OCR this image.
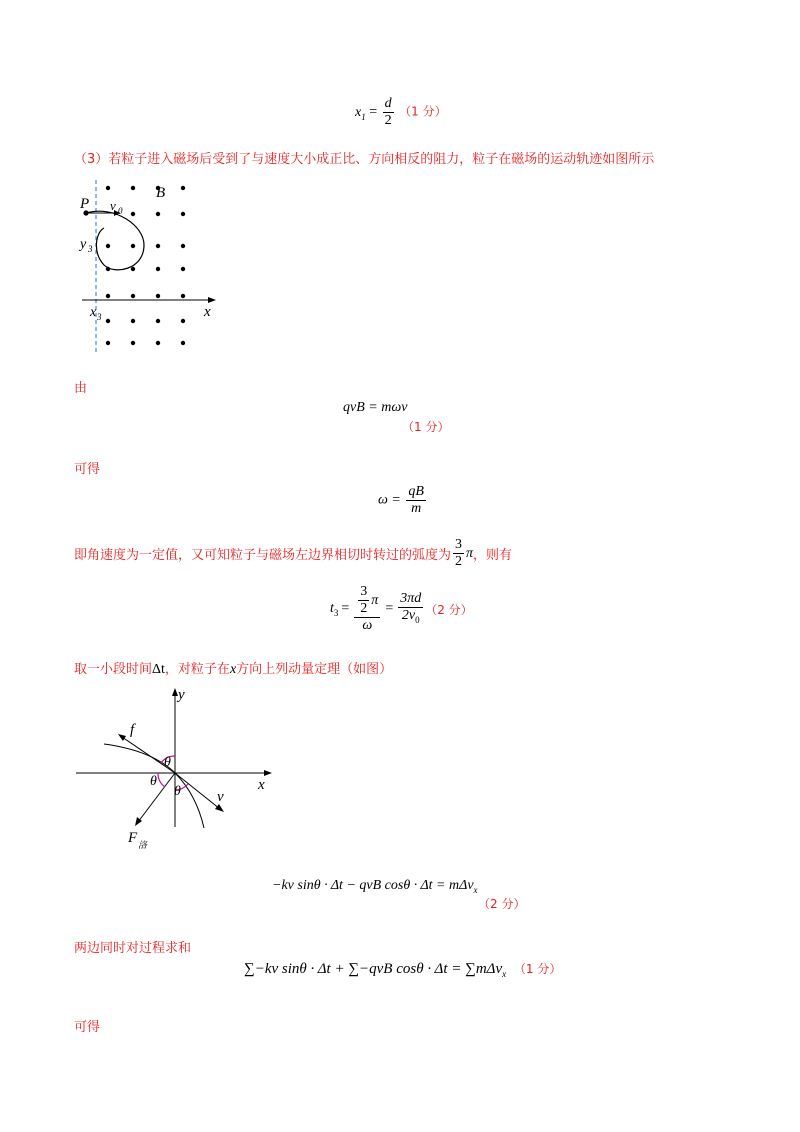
$x_1 = \frac{d}{2} (1$ 分）
（3）若粒子进入磁场后受到了与速度大小成正比、方向相反的阻力，粒子在磁场的运动轨迹如图所示
P v 0
B
y 3
x
x 3
由
qvB = mωv
（1 分）
可得
$\omega = \frac{qB}{m}$
即角速度为一定值，又可知粒子与磁场左边界相切时转过的弧度为 $\frac{3}{2}$ π ，则有
$t_3 = \frac{\frac{3}{2} \pi}{\omega} = \frac{3\pi d}{2v_0} (2$ 分）
取一小段时间Δt，对粒子在x方向上列动量定理（如图）
y
x
f
θ
θ
θ v
F 洛
−kv sinθ · Δt − qvB cosθ · Δt = mΔv$_x$
（2 分）
两边同时对过程求和
∑−kv sinθ · Δt + ∑−qvB cosθ · Δt = ∑mΔv$_x$ （1 分）
可得
